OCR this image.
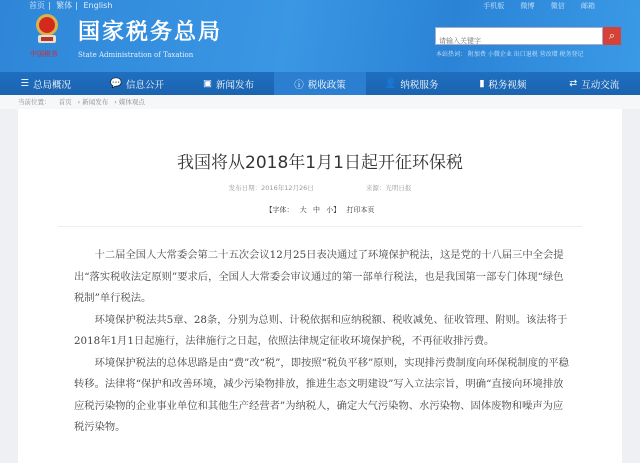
首页 | 繁体 | English	手机版 微博 微信 邮箱
中国税务
国家税务总局
State Administration of Taxation
请输入关键字
⌕
本站热词： 附加费 小微企业 出口退税 营改增 税务登记
☰ 总局概况	💬 信息公开	▣ 新闻发布	ⓘ 税收政策	👤 纳税服务	▮ 税务视频	⇄ 互动交流
当前位置： 首页 › 新闻发布 › 媒体观点
我国将从2018年1月1日起开征环保税
发布日期：2016年12月26日	来源：光明日报
【字体： 大 中 小】 打印本页

十二届全国人大常委会第二十五次会议12月25日表决通过了环境保护税法，这是党的十八届三中全会提出“落实税收法定原则”要求后，全国人大常委会审议通过的第一部单行税法，也是我国第一部专门体现“绿色税制”单行税法。

环境保护税法共5章、28条，分别为总则、计税依据和应纳税额、税收减免、征收管理、附则。该法将于2018年1月1日起施行，法律施行之日起，依照法律规定征收环境保护税，不再征收排污费。

环境保护税法的总体思路是由“费”改“税”，即按照“税负平移”原则，实现排污费制度向环保税制度的平稳转移。法律将“保护和改善环境，减少污染物排放，推进生态文明建设”写入立法宗旨，明确“直接向环境排放应税污染物的企业事业单位和其他生产经营者”为纳税人，确定大气污染物、水污染物、固体废物和噪声为应税污染物。
